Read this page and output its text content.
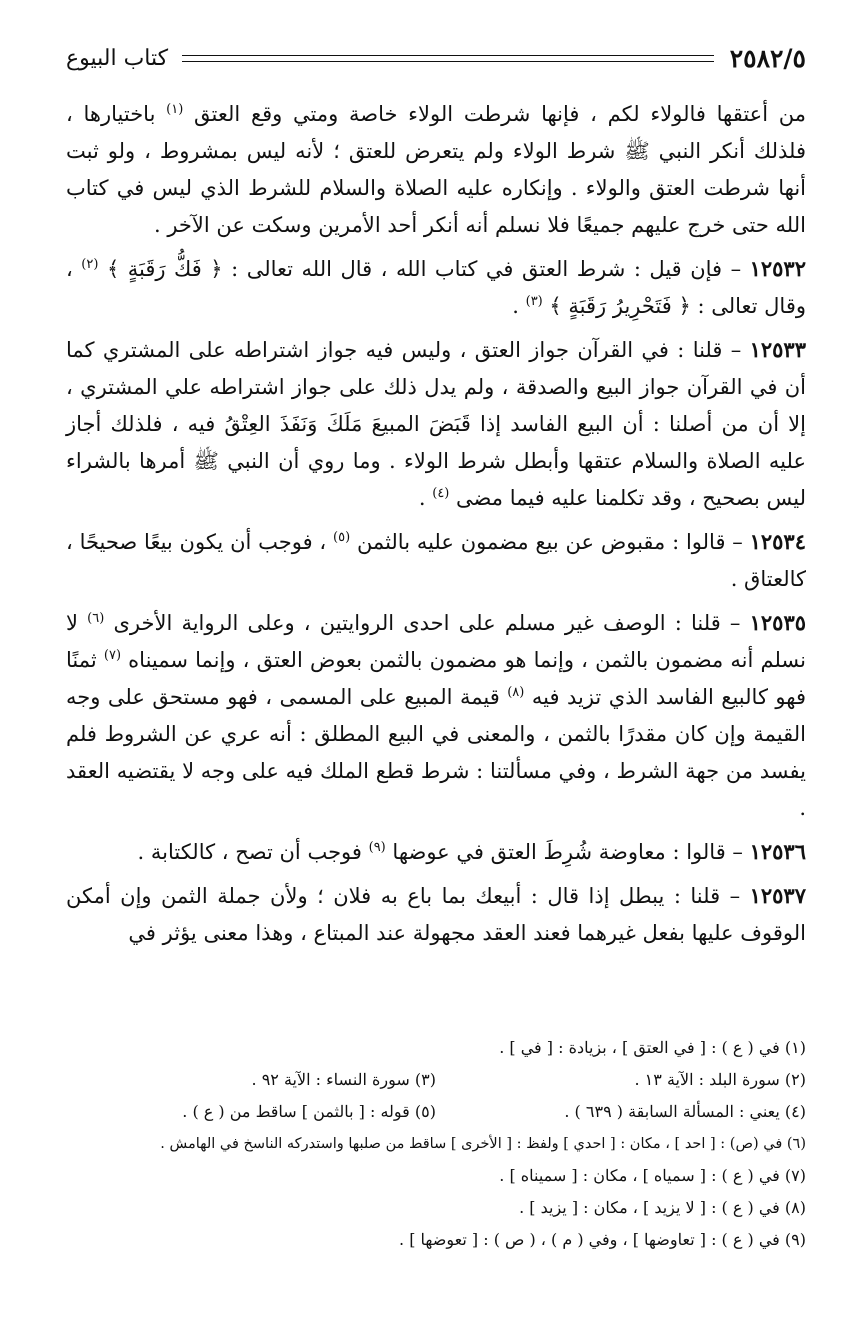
٢٥٨٢/٥
كتاب البيوع

من أعتقها فالولاء لكم ، فإنها شرطت الولاء خاصة ومتي وقع العتق $^{(١)}$ باختيارها ، فلذلك أنكر النبي ﷺ شرط الولاء ولم يتعرض للعتق ؛ لأنه ليس بمشروط ، ولو ثبت أنها شرطت العتق والولاء . وإنكاره عليه الصلاة والسلام للشرط الذي ليس في كتاب الله حتى خرج عليهم جميعًا فلا نسلم أنه أنكر أحد الأمرين وسكت عن الآخر .

١٢٥٣٢ – فإن قيل : شرط العتق في كتاب الله ، قال الله تعالى : ﴿ فَكُّ رَقَبَةٍ ﴾ $^{(٢)}$ ، وقال تعالى : ﴿ فَتَحْرِيرُ رَقَبَةٍ ﴾ $^{(٣)}$ .

١٢٥٣٣ – قلنا : في القرآن جواز العتق ، وليس فيه جواز اشتراطه على المشتري كما أن في القرآن جواز البيع والصدقة ، ولم يدل ذلك على جواز اشتراطه علي المشتري ، إلا أن من أصلنا : أن البيع الفاسد إذا قَبَضَ المبيعَ مَلَكَ وَنَفَذَ العِتْقُ فيه ، فلذلك أجاز عليه الصلاة والسلام عتقها وأبطل شرط الولاء . وما روي أن النبي ﷺ أمرها بالشراء ليس بصحيح ، وقد تكلمنا عليه فيما مضى $^{(٤)}$ .

١٢٥٣٤ – قالوا : مقبوض عن بيع مضمون عليه بالثمن $^{(٥)}$ ، فوجب أن يكون بيعًا صحيحًا ، كالعتاق .

١٢٥٣٥ – قلنا : الوصف غير مسلم على احدى الروايتين ، وعلى الرواية الأخرى $^{(٦)}$ لا نسلم أنه مضمون بالثمن ، وإنما هو مضمون بالثمن بعوض العتق ، وإنما سميناه $^{(٧)}$ ثمنًا فهو كالبيع الفاسد الذي تزيد فيه $^{(٨)}$ قيمة المبيع على المسمى ، فهو مستحق على وجه القيمة وإن كان مقدرًا بالثمن ، والمعنى في البيع المطلق : أنه عري عن الشروط فلم يفسد من جهة الشرط ، وفي مسألتنا : شرط قطع الملك فيه على وجه لا يقتضيه العقد .

١٢٥٣٦ – قالوا : معاوضة شُرِطَ العتق في عوضها $^{(٩)}$ فوجب أن تصح ، كالكتابة .

١٢٥٣٧ – قلنا : يبطل إذا قال : أبيعك بما باع به فلان ؛ ولأن جملة الثمن وإن أمكن الوقوف عليها بفعل غيرهما فعند العقد مجهولة عند المبتاع ، وهذا معنى يؤثر في

(١) في ( ع ) : [ في العتق ] ، بزيادة : [ في ] .
(٢) سورة البلد : الآية ١٣ .
(٣) سورة النساء : الآية ٩٢ .
(٤) يعني : المسألة السابقة ( ٦٣٩ ) .
(٥) قوله : [ بالثمن ] ساقط من ( ع ) .
(٦) في (ص) : [ احد ] ، مكان : [ احدي ] ولفظ : [ الأخرى ] ساقط من صلبها واستدركه الناسخ في الهامش .
(٧) في ( ع ) : [ سمياه ] ، مكان : [ سميناه ] .
(٨) في ( ع ) : [ لا يزيد ] ، مكان : [ يزيد ] .
(٩) في ( ع ) : [ تعاوضها ] ، وفي ( م ) ، ( ص ) : [ تعوضها ] .
